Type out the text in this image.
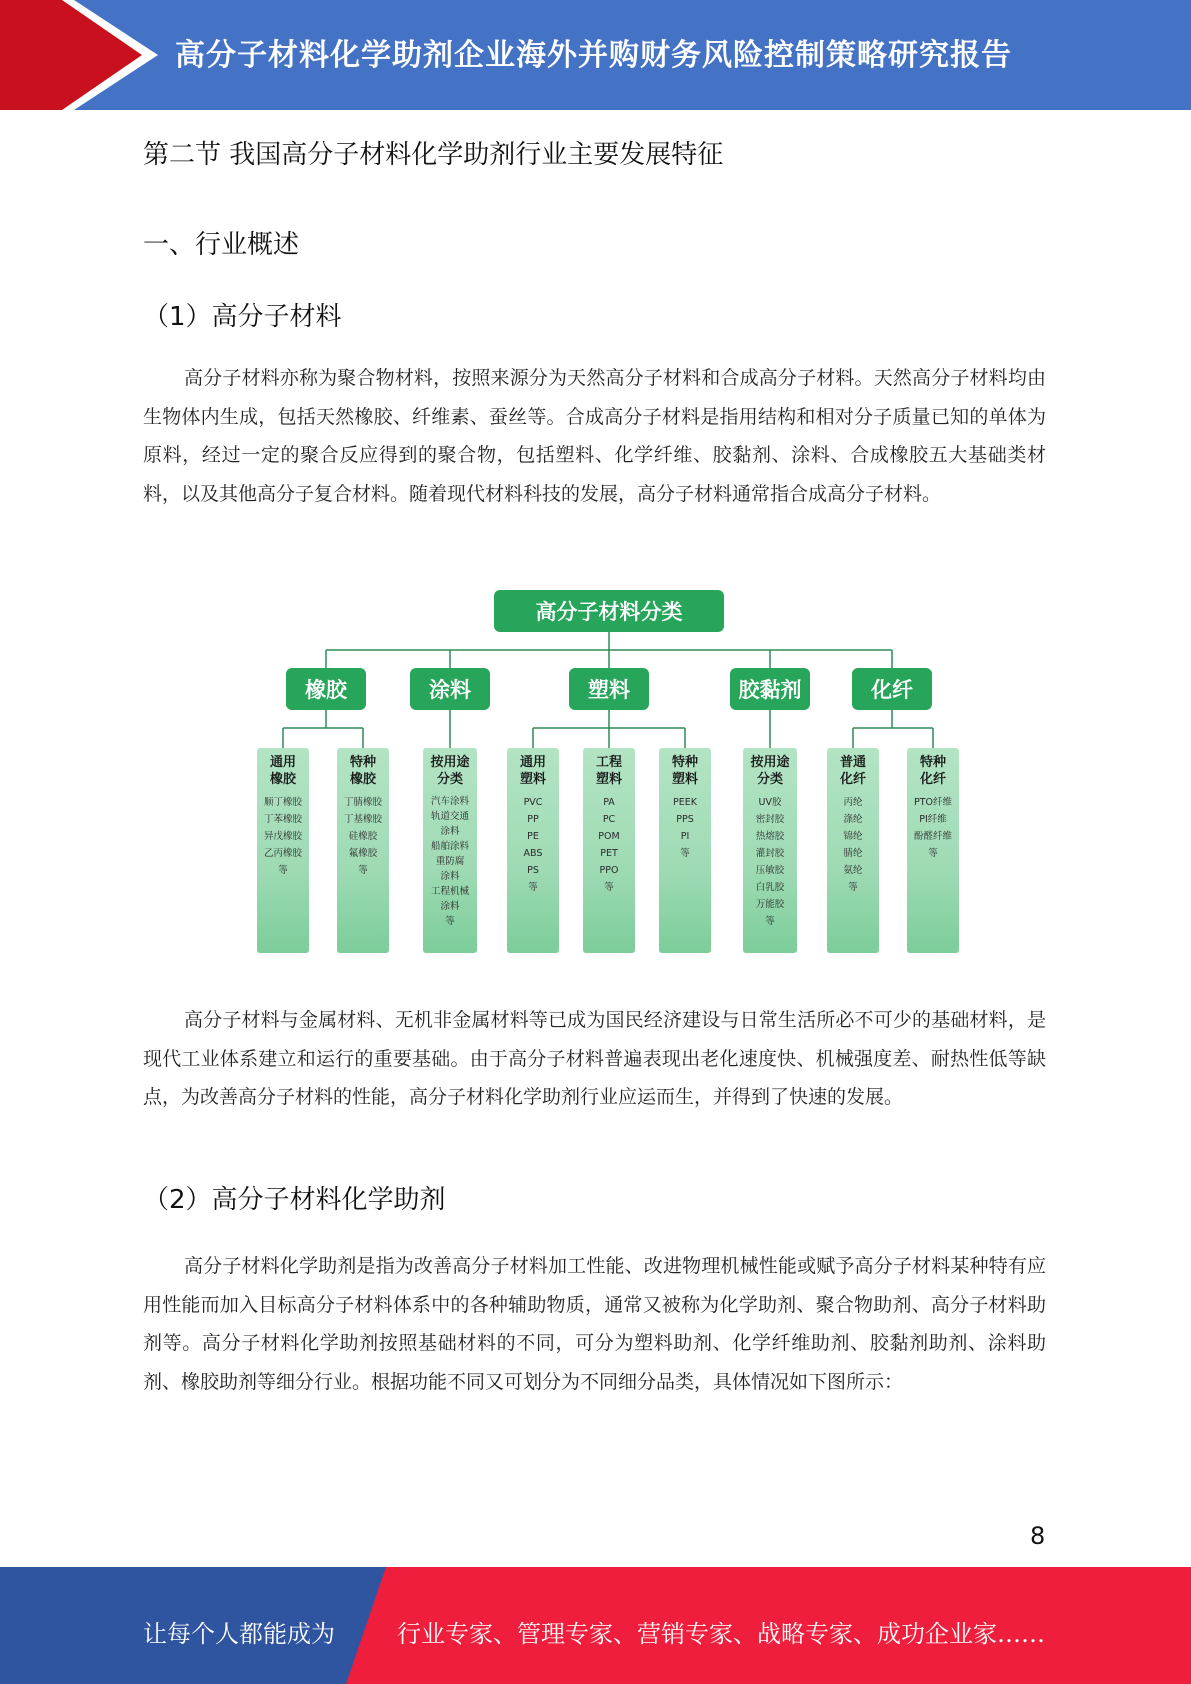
高分子材料化学助剂企业海外并购财务风险控制策略研究报告
第二节 我国高分子材料化学助剂行业主要发展特征
一、行业概述
（1）高分子材料

高分子材料亦称为聚合物材料，按照来源分为天然高分子材料和合成高分子材料。天然高分子材料均由生物体内生成，包括天然橡胶、纤维素、蚕丝等。合成高分子材料是指用结构和相对分子质量已知的单体为原料，经过一定的聚合反应得到的聚合物，包括塑料、化学纤维、胶黏剂、涂料、合成橡胶五大基础类材料，以及其他高分子复合材料。随着现代材料科技的发展，高分子材料通常指合成高分子材料。

高分子材料分类
橡胶	涂料	塑料	胶黏剂	化纤
通用
橡胶
顺丁橡胶
丁苯橡胶
异戊橡胶
乙丙橡胶
等
特种
橡胶
丁腈橡胶
丁基橡胶
硅橡胶
氟橡胶
等
按用途
分类
汽车涂料
轨道交通
涂料
船舶涂料
重防腐
涂料
工程机械
涂料
等
通用
塑料
PVC
PP
PE
ABS
PS
等
工程
塑料
PA
PC
POM
PET
PPO
等
特种
塑料
PEEK
PPS
PI
等
按用途
分类
UV胶
密封胶
热熔胶
灌封胶
压敏胶
白乳胶
万能胶
等
普通
化纤
丙纶
涤纶
锦纶
腈纶
氨纶
等
特种
化纤
PTO纤维
PI纤维
酚醛纤维
等

高分子材料与金属材料、无机非金属材料等已成为国民经济建设与日常生活所必不可少的基础材料，是现代工业体系建立和运行的重要基础。由于高分子材料普遍表现出老化速度快、机械强度差、耐热性低等缺点，为改善高分子材料的性能，高分子材料化学助剂行业应运而生，并得到了快速的发展。

（2）高分子材料化学助剂

高分子材料化学助剂是指为改善高分子材料加工性能、改进物理机械性能或赋予高分子材料某种特有应用性能而加入目标高分子材料体系中的各种辅助物质，通常又被称为化学助剂、聚合物助剂、高分子材料助剂等。高分子材料化学助剂按照基础材料的不同，可分为塑料助剂、化学纤维助剂、胶黏剂助剂、涂料助剂、橡胶助剂等细分行业。根据功能不同又可划分为不同细分品类，具体情况如下图所示：

8
让每个人都能成为	行业专家、管理专家、营销专家、战略专家、成功企业家……
